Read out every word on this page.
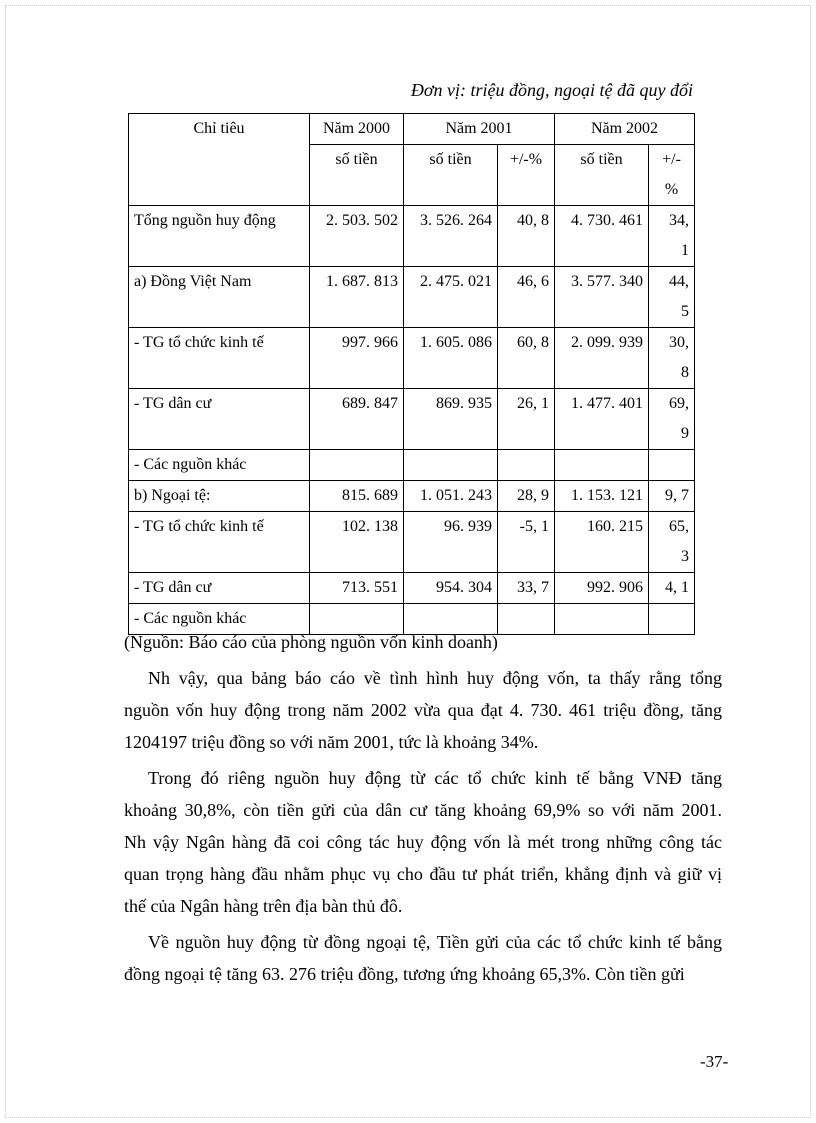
Đơn vị: triệu đồng, ngoại tệ đã quy đổi
Chỉ tiêu	Năm 2000	Năm 2001		Năm 2002	
	số tiền	số tiền	+/-%	số tiền	+/-
%

Tổng nguồn huy động	2. 503. 502	3. 526. 264	40, 8	4. 730. 461	34,
1

a) Đồng Việt Nam	1. 687. 813	2. 475. 021	46, 6	3. 577. 340	44,
5

- TG tổ chức kinh tế	997. 966	1. 605. 086	60, 8	2. 099. 939	30,
8

- TG dân cư	689. 847	869. 935	26, 1	1. 477. 401	69,
9

- Các nguồn khác					
b) Ngoại tệ:	815. 689	1. 051. 243	28, 9	1. 153. 121	9, 7
- TG tổ chức kinh tế	102. 138	96. 939	-5, 1	160. 215	65,
3

- TG dân cư	713. 551	954. 304	33, 7	992. 906	4, 1
- Các nguồn khác					
(Nguồn: Báo cáo của phòng nguồn vốn kinh doanh)
Nh vậy, qua bảng báo cáo về tình hình huy động vốn, ta thấy rằng tổng
nguồn vốn huy động trong năm 2002 vừa qua đạt 4. 730. 461 triệu đồng, tăng
1204197 triệu đồng so với năm 2001, tức là khoảng 34%.
Trong đó riêng nguồn huy động từ các tổ chức kinh tế bằng VNĐ tăng
khoảng 30,8%, còn tiền gửi của dân cư tăng khoảng 69,9% so với năm 2001.
Nh vậy Ngân hàng đã coi công tác huy động vốn là mét trong những công tác
quan trọng hàng đầu nhằm phục vụ cho đầu tư phát triển, khẳng định và giữ vị
thế của Ngân hàng trên địa bàn thủ đô.
Về nguồn huy động từ đồng ngoại tệ, Tiền gửi của các tổ chức kinh tế bằng
đồng ngoại tệ tăng 63. 276 triệu đồng, tương ứng khoảng 65,3%. Còn tiền gửi
-37-
